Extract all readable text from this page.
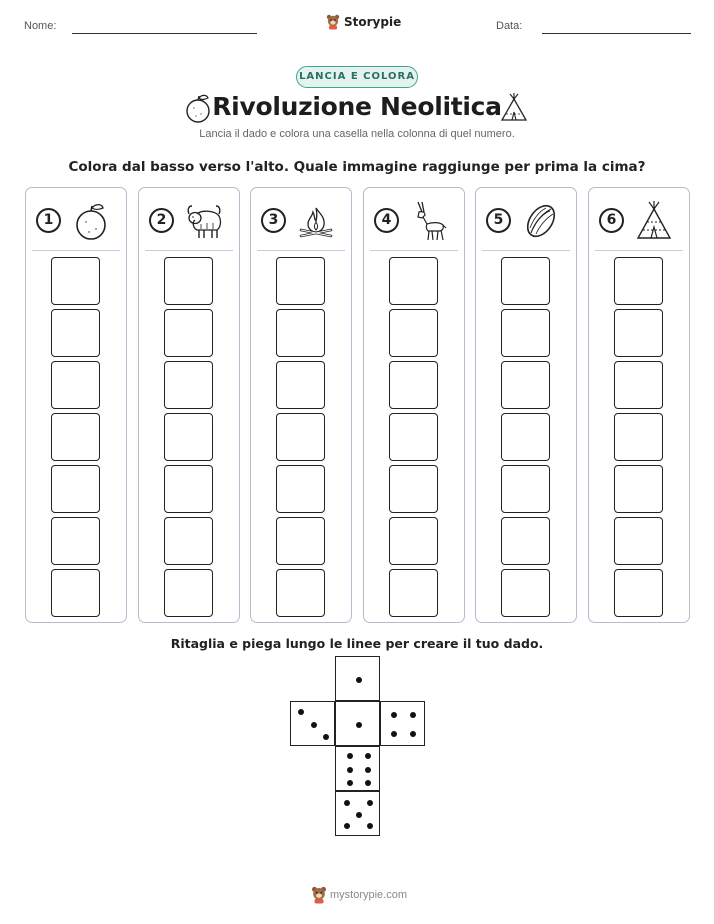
Nome:	Storypie	Data:
LANCIA E COLORA
Rivoluzione Neolitica
Lancia il dado e colora una casella nella colonna di quel numero.
Colora dal basso verso l'alto. Quale immagine raggiunge per prima la cima?
1	2	3	4	5	6
Ritaglia e piega lungo le linee per creare il tuo dado.
mystorypie.com
